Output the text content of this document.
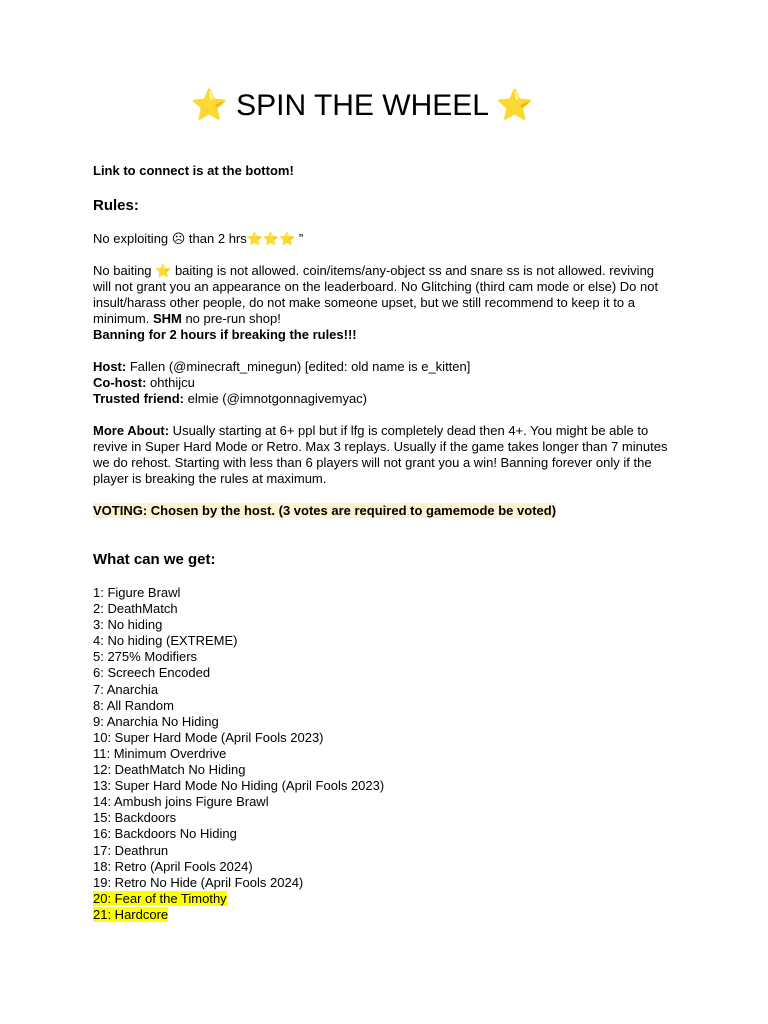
⭐ SPIN THE WHEEL ⭐

Link to connect is at the bottom!

Rules:

No exploiting ☹ than 2 hrs⭐⭐⭐ ”

No baiting ⭐ baiting is not allowed. coin/items/any-object ss and snare ss is not allowed. reviving will not grant you an appearance on the leaderboard. No Glitching (third cam mode or else) Do not insult/harass other people, do not make someone upset, but we still recommend to keep it to a minimum. SHM no pre-run shop!

Banning for 2 hours if breaking the rules!!!

Host: Fallen (@minecraft_minegun) [edited: old name is e_kitten]

Co-host: ohthijcu

Trusted friend: elmie (@imnotgonnagivemyac)

More About: Usually starting at 6+ ppl but if lfg is completely dead then 4+. You might be able to revive in Super Hard Mode or Retro. Max 3 replays. Usually if the game takes longer than 7 minutes we do rehost. Starting with less than 6 players will not grant you a win! Banning forever only if the player is breaking the rules at maximum.

VOTING: Chosen by the host. (3 votes are required to gamemode be voted)

What can we get:

1: Figure Brawl
2: DeathMatch
3: No hiding
4: No hiding (EXTREME)
5: 275% Modifiers
6: Screech Encoded
7: Anarchia
8: All Random
9: Anarchia No Hiding
10: Super Hard Mode (April Fools 2023)
11: Minimum Overdrive
12: DeathMatch No Hiding
13: Super Hard Mode No Hiding (April Fools 2023)
14: Ambush joins Figure Brawl
15: Backdoors
16: Backdoors No Hiding
17: Deathrun
18: Retro (April Fools 2024)
19: Retro No Hide (April Fools 2024)
20: Fear of the Timothy
21: Hardcore
